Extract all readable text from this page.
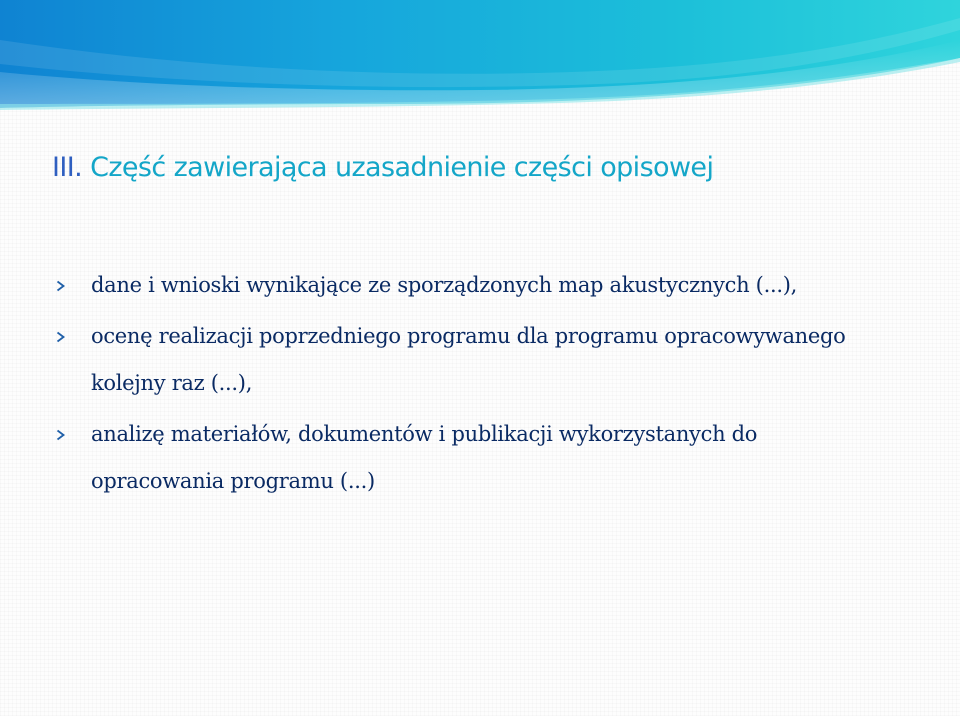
III. Część zawierająca uzasadnienie części opisowej
dane i wnioski wynikające ze sporządzonych map akustycznych (...),
ocenę realizacji poprzedniego programu dla programu opracowywanego kolejny raz (...),
analizę materiałów, dokumentów i publikacji wykorzystanych do opracowania programu (...)
